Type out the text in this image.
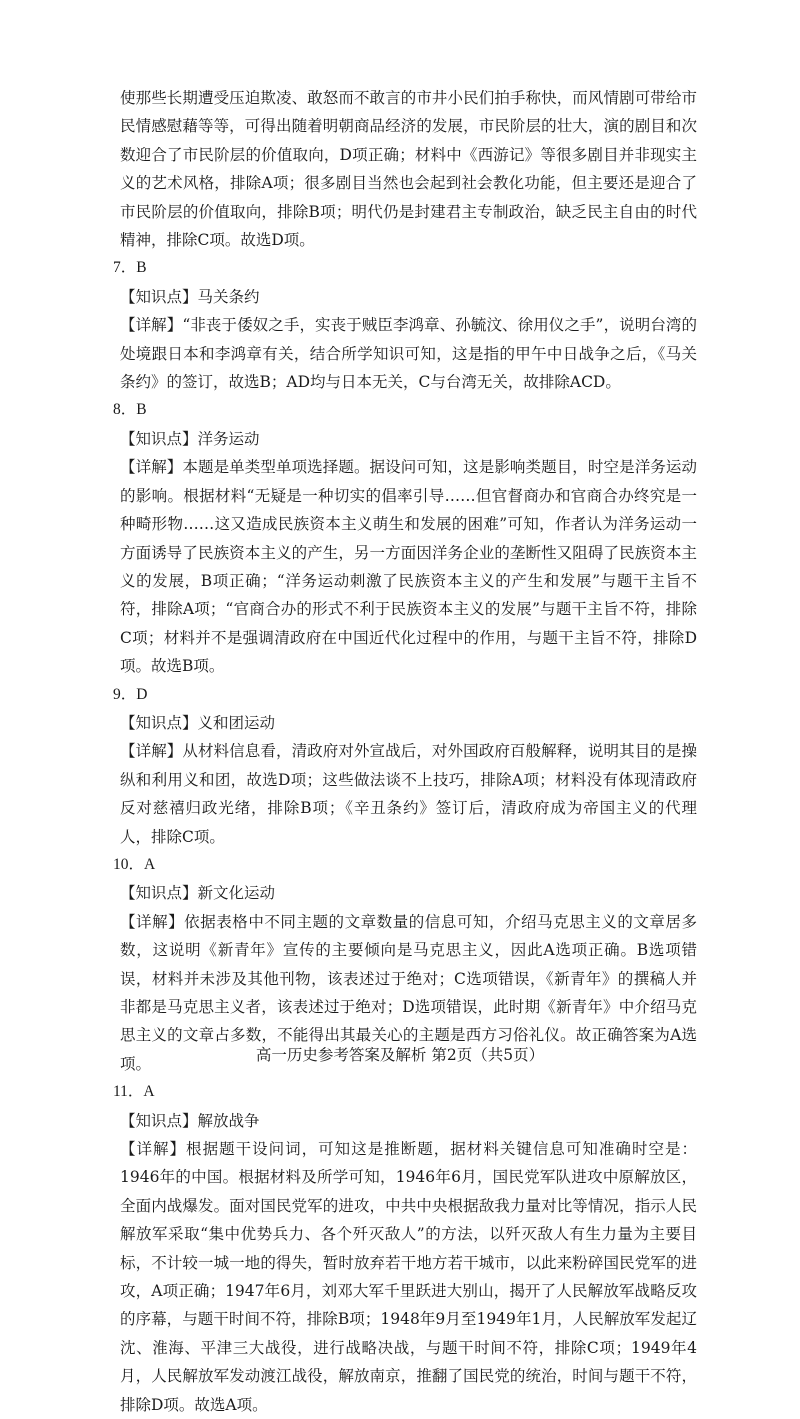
使那些长期遭受压迫欺凌、敢怒而不敢言的市井小民们拍手称快，而风情剧可带给市民情感慰藉等等，可得出随着明朝商品经济的发展，市民阶层的壮大，演的剧目和次数迎合了市民阶层的价值取向，D项正确；材料中《西游记》等很多剧目并非现实主义的艺术风格，排除A项；很多剧目当然也会起到社会教化功能，但主要还是迎合了市民阶层的价值取向，排除B项；明代仍是封建君主专制政治，缺乏民主自由的时代精神，排除C项。故选D项。

7．B

【知识点】马关条约

【详解】“非丧于倭奴之手，实丧于贼臣李鸿章、孙毓汶、徐用仪之手”，说明台湾的处境跟日本和李鸿章有关，结合所学知识可知，这是指的甲午中日战争之后，《马关条约》的签订，故选B；AD均与日本无关，C与台湾无关，故排除ACD。

8．B

【知识点】洋务运动

【详解】本题是单类型单项选择题。据设问可知，这是影响类题目，时空是洋务运动的影响。根据材料“无疑是一种切实的倡率引导……但官督商办和官商合办终究是一种畸形物……这又造成民族资本主义萌生和发展的困难”可知，作者认为洋务运动一方面诱导了民族资本主义的产生，另一方面因洋务企业的垄断性又阻碍了民族资本主义的发展，B项正确；“洋务运动刺激了民族资本主义的产生和发展”与题干主旨不符，排除A项；“官商合办的形式不利于民族资本主义的发展”与题干主旨不符，排除C项；材料并不是强调清政府在中国近代化过程中的作用，与题干主旨不符，排除D项。故选B项。

9．D

【知识点】义和团运动

【详解】从材料信息看，清政府对外宣战后，对外国政府百般解释，说明其目的是操纵和利用义和团，故选D项；这些做法谈不上技巧，排除A项；材料没有体现清政府反对慈禧归政光绪，排除B项；《辛丑条约》签订后，清政府成为帝国主义的代理人，排除C项。

10．A

【知识点】新文化运动

【详解】依据表格中不同主题的文章数量的信息可知，介绍马克思主义的文章居多数，这说明《新青年》宣传的主要倾向是马克思主义，因此A选项正确。B选项错误，材料并未涉及其他刊物，该表述过于绝对；C选项错误，《新青年》的撰稿人并非都是马克思主义者，该表述过于绝对；D选项错误，此时期《新青年》中介绍马克思主义的文章占多数，不能得出其最关心的主题是西方习俗礼仪。故正确答案为A选项。

11．A

【知识点】解放战争

【详解】根据题干设问词，可知这是推断题，据材料关键信息可知准确时空是：1946年的中国。根据材料及所学可知，1946年6月，国民党军队进攻中原解放区，全面内战爆发。面对国民党军的进攻，中共中央根据敌我力量对比等情况，指示人民解放军采取“集中优势兵力、各个歼灭敌人”的方法，以歼灭敌人有生力量为主要目标，不计较一城一地的得失，暂时放弃若干地方若干城市，以此来粉碎国民党军的进攻，A项正确；1947年6月，刘邓大军千里跃进大别山，揭开了人民解放军战略反攻的序幕，与题干时间不符，排除B项；1948年9月至1949年1月，人民解放军发起辽沈、淮海、平津三大战役，进行战略决战，与题干时间不符，排除C项；1949年4月，人民解放军发动渡江战役，解放南京，推翻了国民党的统治，时间与题干不符，排除D项。故选A项。

高一历史参考答案及解析 第2页（共5页）
